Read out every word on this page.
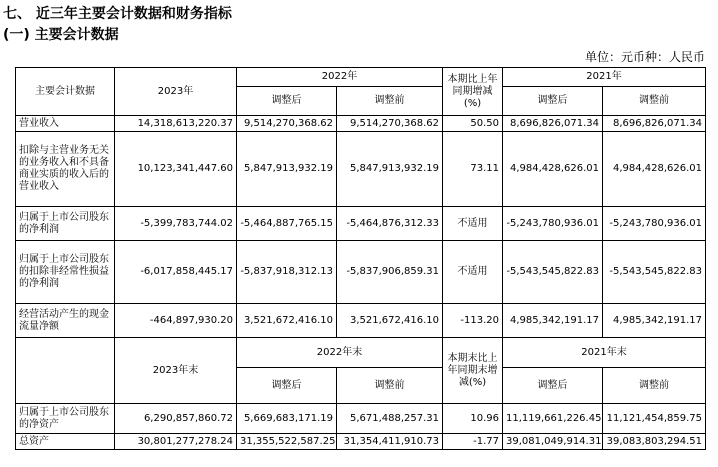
七、 近三年主要会计数据和财务指标
(一) 主要会计数据
单位：元币种：人民币
主要会计数据	2023年	2022年		本期比上年同期增减(%)	2021年	
		调整后	调整前		调整后	调整前
营业收入	14,318,613,220.37	9,514,270,368.62	9,514,270,368.62	50.50	8,696,826,071.34	8,696,826,071.34
扣除与主营业务无关的业务收入和不具备商业实质的收入后的营业收入	10,123,341,447.60	5,847,913,932.19	5,847,913,932.19	73.11	4,984,428,626.01	4,984,428,626.01
归属于上市公司股东的净利润	-5,399,783,744.02	-5,464,887,765.15	-5,464,876,312.33	不适用	-5,243,780,936.01	-5,243,780,936.01
归属于上市公司股东的扣除非经常性损益的净利润	-6,017,858,445.17	-5,837,918,312.13	-5,837,906,859.31	不适用	-5,543,545,822.83	-5,543,545,822.83
经营活动产生的现金流量净额	-464,897,930.20	3,521,672,416.10	3,521,672,416.10	-113.20	4,985,342,191.17	4,985,342,191.17
	2023年末	2022年末		本期末比上年同期末增减(%)	2021年末	
		调整后	调整前		调整后	调整前
归属于上市公司股东的净资产	6,290,857,860.72	5,669,683,171.19	5,671,488,257.31	10.96	11,119,661,226.45	11,121,454,859.75
总资产	30,801,277,278.24	31,355,522,587.25	31,354,411,910.73	-1.77	39,081,049,914.31	39,083,803,294.51
